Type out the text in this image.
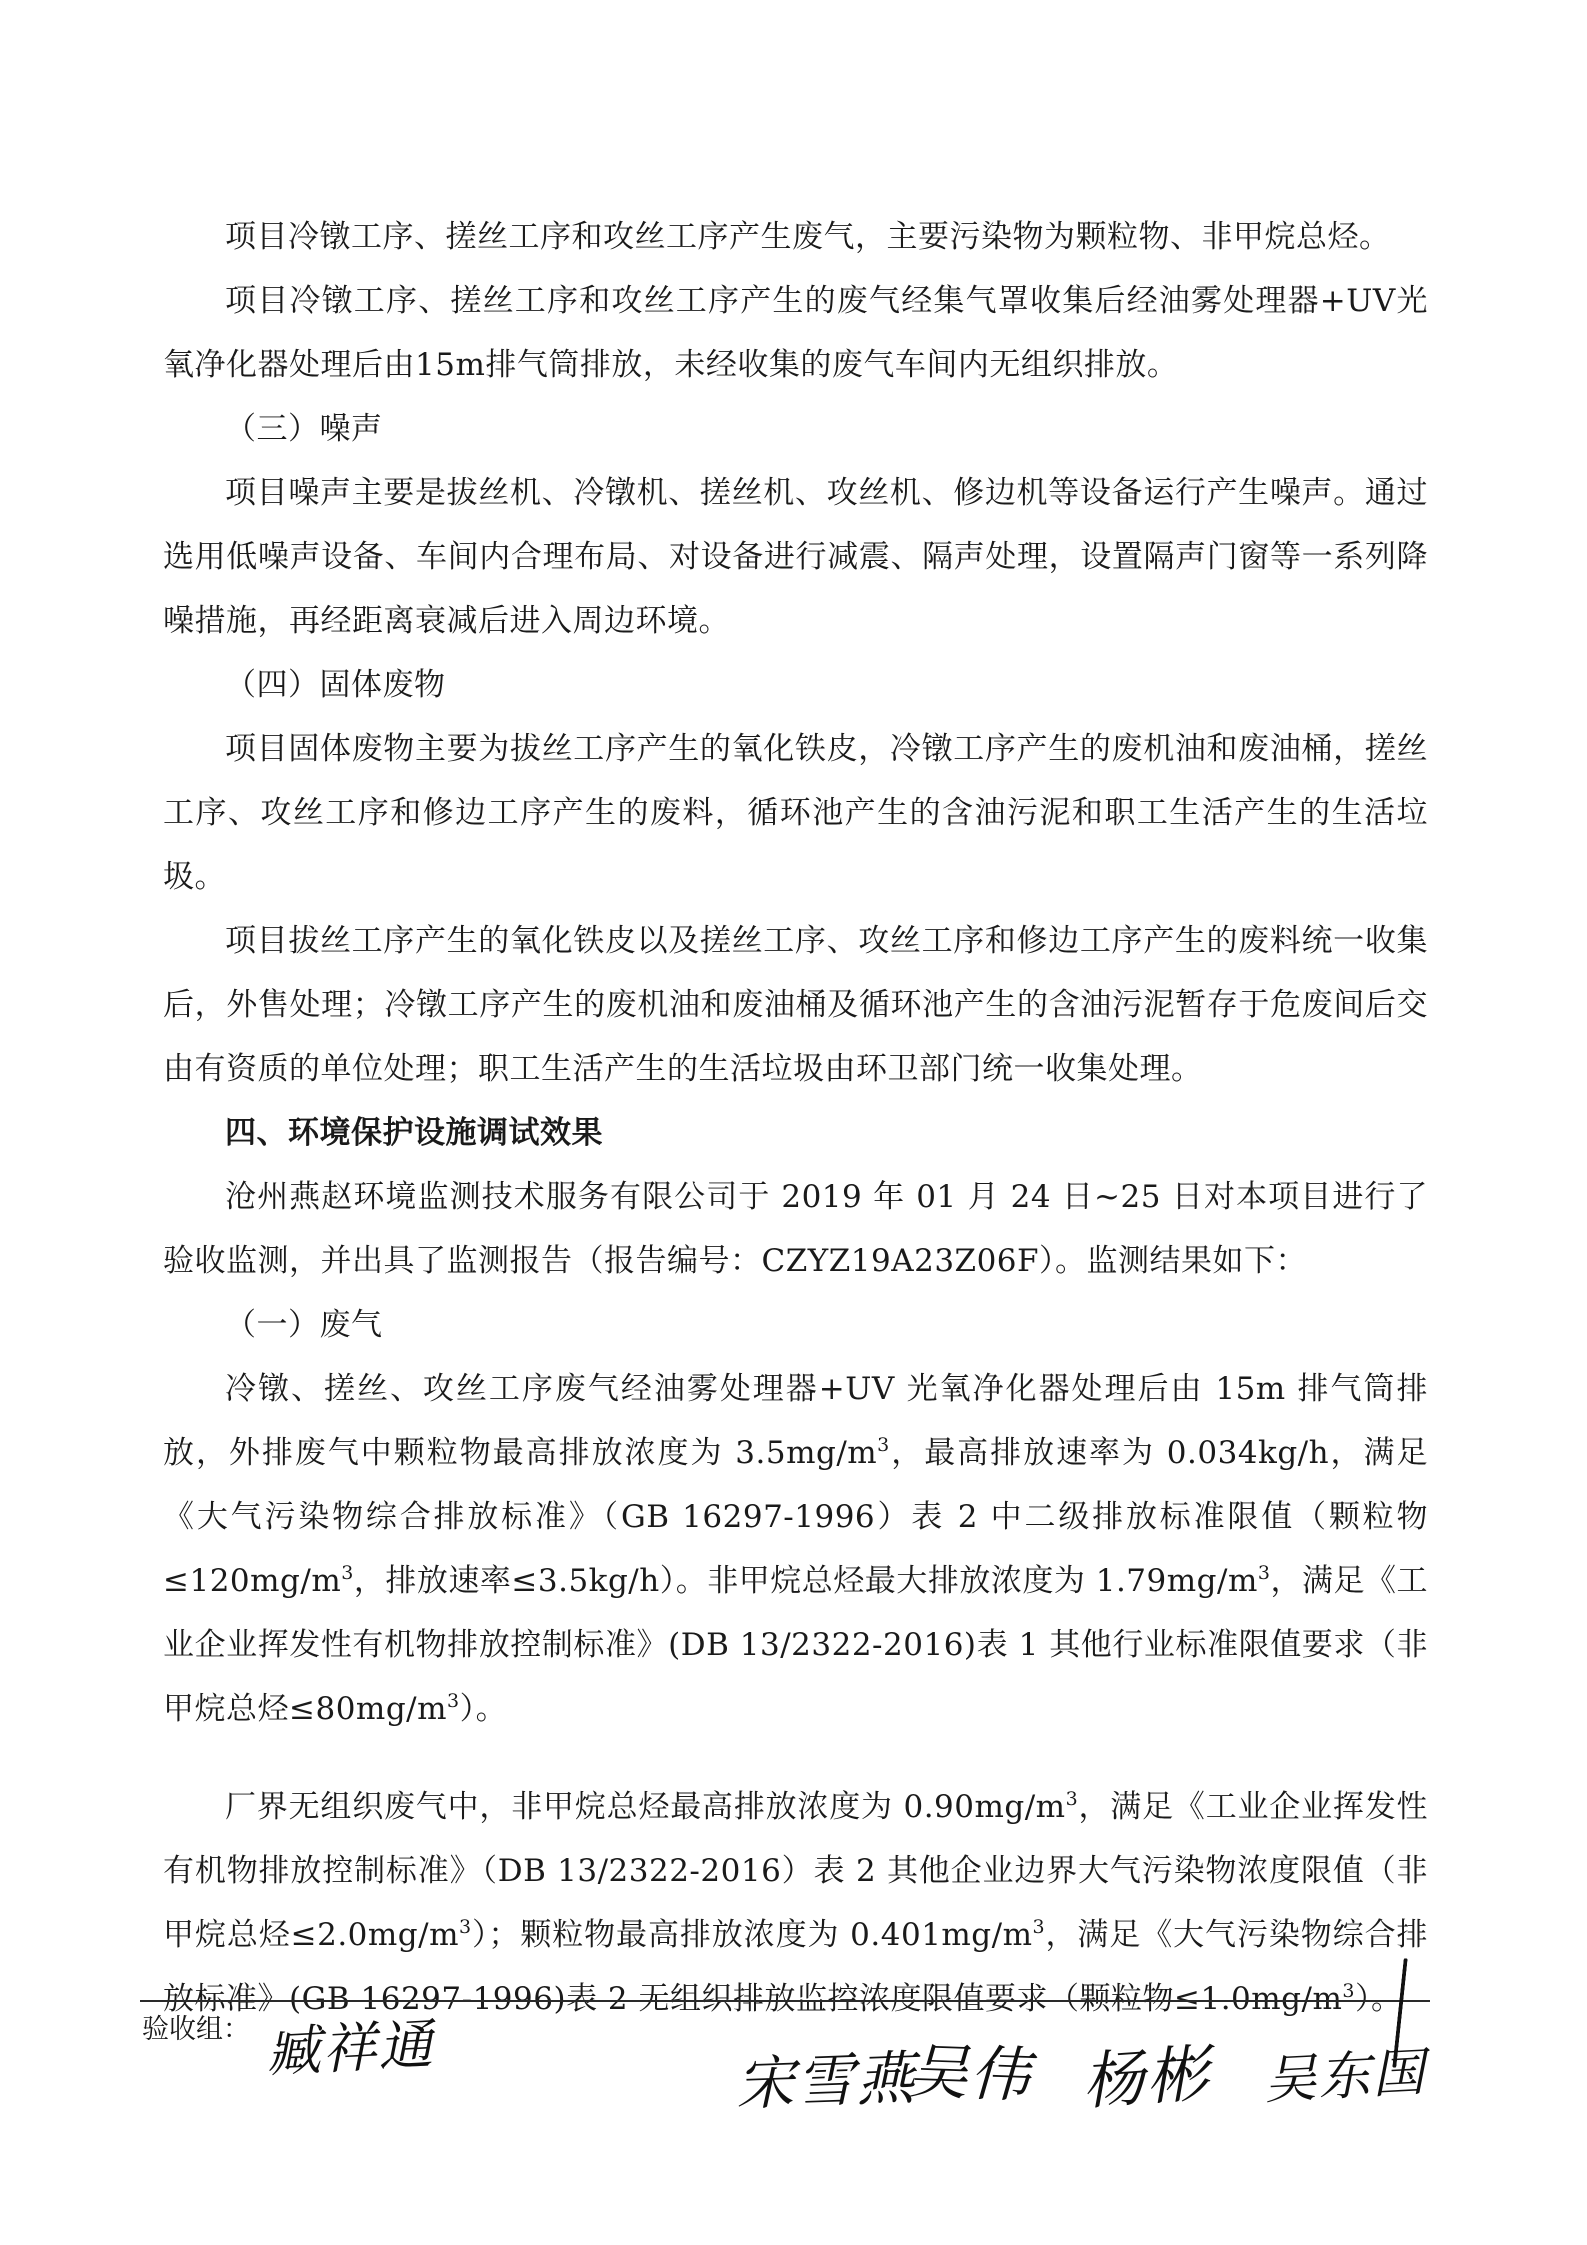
项目冷镦工序、搓丝工序和攻丝工序产生废气，主要污染物为颗粒物、非甲烷总烃。

项目冷镦工序、搓丝工序和攻丝工序产生的废气经集气罩收集后经油雾处理器+UV光氧净化器处理后由15m排气筒排放，未经收集的废气车间内无组织排放。

（三）噪声

项目噪声主要是拔丝机、冷镦机、搓丝机、攻丝机、修边机等设备运行产生噪声。通过选用低噪声设备、车间内合理布局、对设备进行减震、隔声处理，设置隔声门窗等一系列降噪措施，再经距离衰减后进入周边环境。

（四）固体废物

项目固体废物主要为拔丝工序产生的氧化铁皮，冷镦工序产生的废机油和废油桶，搓丝工序、攻丝工序和修边工序产生的废料，循环池产生的含油污泥和职工生活产生的生活垃圾。

项目拔丝工序产生的氧化铁皮以及搓丝工序、攻丝工序和修边工序产生的废料统一收集后，外售处理；冷镦工序产生的废机油和废油桶及循环池产生的含油污泥暂存于危废间后交由有资质的单位处理；职工生活产生的生活垃圾由环卫部门统一收集处理。

四、环境保护设施调试效果

沧州燕赵环境监测技术服务有限公司于 2019 年 01 月 24 日~25 日对本项目进行了验收监测，并出具了监测报告（报告编号：CZYZ19A23Z06F）。监测结果如下：

（一）废气

冷镦、搓丝、攻丝工序废气经油雾处理器+UV 光氧净化器处理后由 15m 排气筒排放，外排废气中颗粒物最高排放浓度为 $3.5mg/m^3$，最高排放速率为 0.034kg/h，满足《大气污染物综合排放标准》（GB 16297-1996）表 2 中二级排放标准限值（颗粒物$\le 120mg/m^3$，排放速率≤3.5kg/h）。非甲烷总烃最大排放浓度为 $1.79mg/m^3$，满足《工业企业挥发性有机物排放控制标准》(DB 13/2322-2016)表 1 其他行业标准限值要求（非甲烷总烃$\le 80mg/m^3$）。

厂界无组织废气中，非甲烷总烃最高排放浓度为 $0.90mg/m^3$，满足《工业企业挥发性有机物排放控制标准》（DB 13/2322-2016）表 2 其他企业边界大气污染物浓度限值（非甲烷总烃$\le 2.0mg/m^3$）；颗粒物最高排放浓度为 $0.401mg/m^3$，满足《大气污染物综合排放标准》(GB 16297-1996)表 2 无组织排放监控浓度限值要求（颗粒物$\le 1.0mg/m^3$）。

验收组： 臧祥通	宋雪燕
吴伟 杨彬 吴东国
